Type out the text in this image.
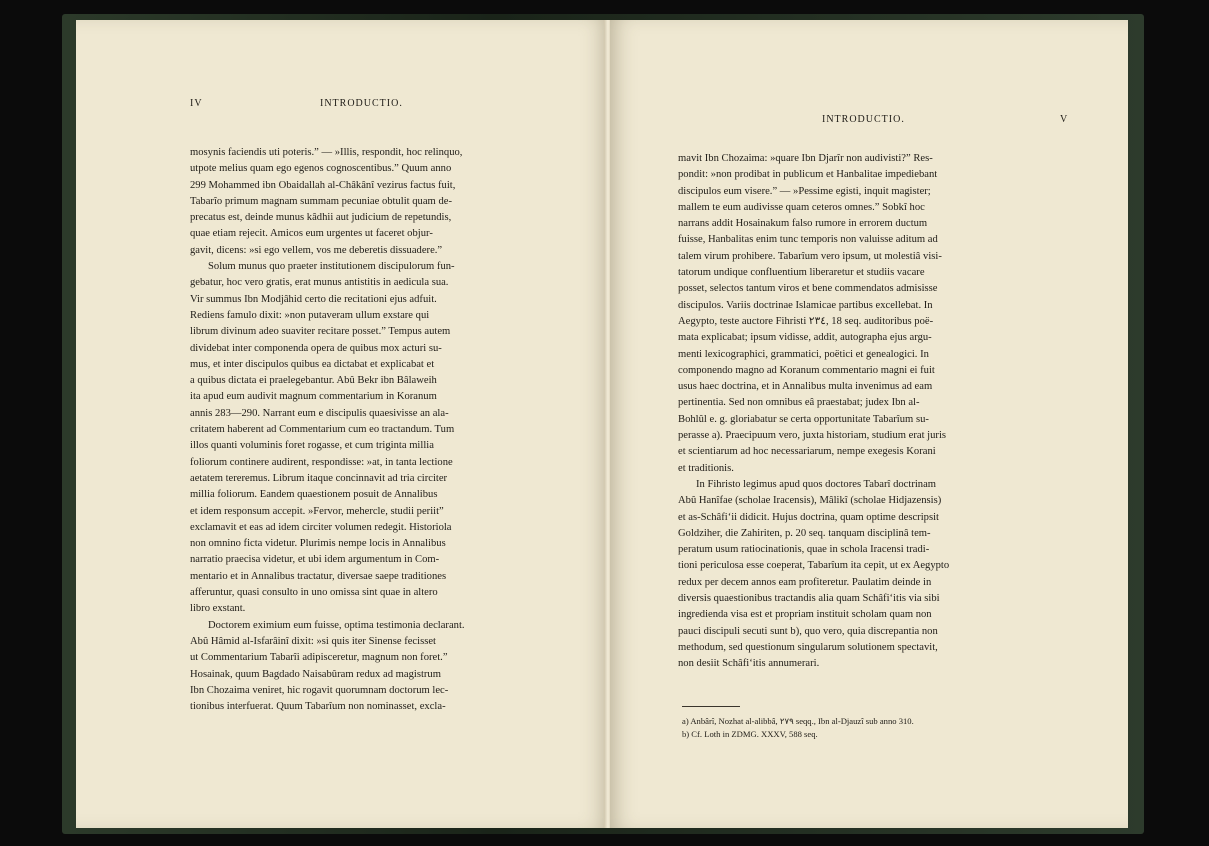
IV	INTRODUCTIO.
mosynis faciendis uti poteris.” — »Illis, respondit, hoc relinquo,
utpote melius quam ego egenos cognoscentibus.” Quum anno
299 Mohammed ibn Obaidallah al-Châkânî vezirus factus fuit,
Tabarîo primum magnam summam pecuniae obtulit quam de-
precatus est, deinde munus kâdhii aut judicium de repetundis,
quae etiam rejecit. Amicos eum urgentes ut faceret objur-
gavit, dicens: »si ego vellem, vos me deberetis dissuadere.”
Solum munus quo praeter institutionem discipulorum fun-
gebatur, hoc vero gratis, erat munus antistitis in aedicula sua.
Vir summus Ibn Modjâhid certo die recitationi ejus adfuit.
Rediens famulo dixit: »non putaveram ullum exstare qui
librum divinum adeo suaviter recitare posset.” Tempus autem
dividebat inter componenda opera de quibus mox acturi su-
mus, et inter discipulos quibus ea dictabat et explicabat et
a quibus dictata ei praelegebantur. Abû Bekr ibn Bâlaweih
ita apud eum audivit magnum commentarium in Koranum
annis 283—290. Narrant eum e discipulis quaesivisse an ala-
critatem haberent ad Commentarium cum eo tractandum. Tum
illos quanti voluminis foret rogasse, et cum triginta millia
foliorum continere audirent, respondisse: »at, in tanta lectione
aetatem tereremus. Librum itaque concinnavit ad tria circiter
millia foliorum. Eandem quaestionem posuit de Annalibus
et idem responsum accepit. »Fervor, mehercle, studii periit”
exclamavit et eas ad idem circiter volumen redegit. Historiola
non omnino ficta videtur. Plurimis nempe locis in Annalibus
narratio praecisa videtur, et ubi idem argumentum in Com-
mentario et in Annalibus tractatur, diversae saepe traditiones
afferuntur, quasi consulto in uno omissa sint quae in altero
libro exstant.
Doctorem eximium eum fuisse, optima testimonia declarant.
Abû Hâmid al-Isfarâinî dixit: »si quis iter Sinense fecisset
ut Commentarium Tabarîi adipisceretur, magnum non foret.”
Hosainak, quum Bagdado Naisabûram redux ad magistrum
Ibn Chozaima veniret, hic rogavit quorumnam doctorum lec-
tionibus interfuerat. Quum Tabarîum non nominasset, excla-
INTRODUCTIO.	V
mavit Ibn Chozaima: »quare Ibn Djarîr non audivisti?” Res-
pondit: »non prodibat in publicum et Hanbalitae impediebant
discipulos eum visere.” — »Pessime egisti, inquit magister;
mallem te eum audivisse quam ceteros omnes.” Sobkî hoc
narrans addit Hosainakum falso rumore in errorem ductum
fuisse, Hanbalitas enim tunc temporis non valuisse aditum ad
talem virum prohibere. Tabarîum vero ipsum, ut molestiâ visi-
tatorum undique confluentium liberaretur et studiis vacare
posset, selectos tantum viros et bene commendatos admisisse
discipulos. Variis doctrinae Islamicae partibus excellebat. In
Aegypto, teste auctore Fihristi ٢٣٤, 18 seq. auditoribus poë-
mata explicabat; ipsum vidisse, addit, autographa ejus argu-
menti lexicographici, grammatici, poëtici et genealogici. In
componendo magno ad Koranum commentario magni ei fuit
usus haec doctrina, et in Annalibus multa invenimus ad eam
pertinentia. Sed non omnibus eâ praestabat; judex Ibn al-
Bohlûl e. g. gloriabatur se certa opportunitate Tabarîum su-
perasse a). Praecipuum vero, juxta historiam, studium erat juris
et scientiarum ad hoc necessariarum, nempe exegesis Korani
et traditionis.
In Fihristo legimus apud quos doctores Tabarî doctrinam
Abû Hanîfae (scholae Iracensis), Mâlikî (scholae Hidjazensis)
et as-Schâfi‘ii didicit. Hujus doctrina, quam optime descripsit
Goldziher, die Zahiriten, p. 20 seq. tanquam disciplinâ tem-
peratum usum ratiocinationis, quae in schola Iracensi tradi-
tioni periculosa esse coeperat, Tabarîum ita cepit, ut ex Aegypto
redux per decem annos eam profiteretur. Paulatim deinde in
diversis quaestionibus tractandis alia quam Schâfi‘itis via sibi
ingredienda visa est et propriam instituit scholam quam non
pauci discipuli secuti sunt b), quo vero, quia discrepantia non
methodum, sed questionum singularum solutionem spectavit,
non desiit Schâfi‘itis annumerari.
a) Anbârî, Nozhat al-alibbâ, ٢٧٩ seqq., Ibn al-Djauzî sub anno 310.
b) Cf. Loth in ZDMG. XXXV, 588 seq.
